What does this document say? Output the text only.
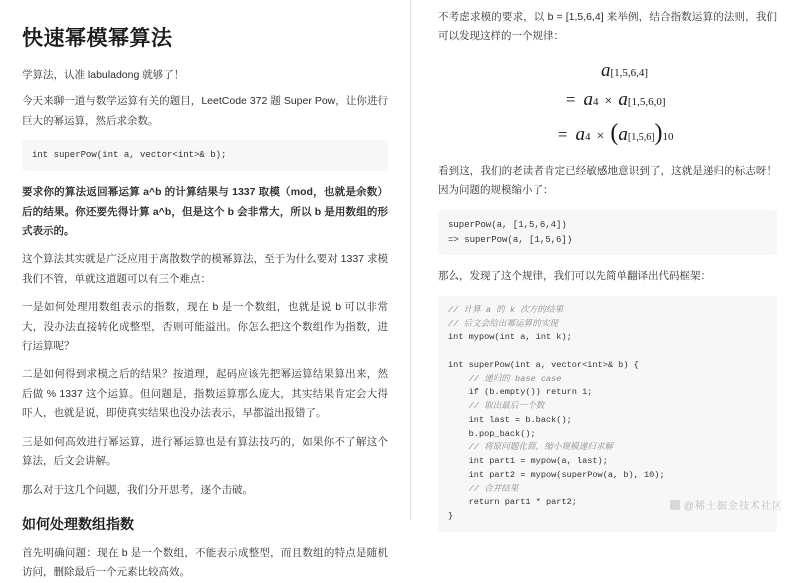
快速幂模幂算法

学算法，认准 labuladong 就够了！

今天来聊一道与数学运算有关的题目，LeetCode 372 题 Super Pow，让你进行巨大的幂运算，然后求余数。

int superPow(int a, vector<int>& b);

要求你的算法返回幂运算 a^b 的计算结果与 1337 取模（mod，也就是余数）后的结果。你还要先得计算 a^b，但是这个 b 会非常大，所以 b 是用数组的形式表示的。

这个算法其实就是广泛应用于离散数学的模幂算法，至于为什么要对 1337 求模我们不管，单就这道题可以有三个难点：

一是如何处理用数组表示的指数，现在 b 是一个数组，也就是说 b 可以非常大，没办法直接转化成整型，否则可能溢出。你怎么把这个数组作为指数，进行运算呢？

二是如何得到求模之后的结果？按道理，起码应该先把幂运算结果算出来，然后做 % 1337 这个运算。但问题是，指数运算那么庞大，其实结果肯定会大得吓人，也就是说，即使真实结果也没办法表示，早都溢出报错了。

三是如何高效进行幂运算，进行幂运算也是有算法技巧的，如果你不了解这个算法，后文会讲解。

那么对于这几个问题，我们分开思考，逐个击破。

如何处理数组指数

首先明确问题：现在 b 是一个数组，不能表示成整型，而且数组的特点是随机访问，删除最后一个元素比较高效。

不考虑求模的要求，以 b = [1,5,6,4] 来举例，结合指数运算的法则，我们可以发现这样的一个规律：

a [1,5,6,4]
= a 4 × a [1,5,6,0]
= a 4 × ( a [1,5,6] ) 10

看到这，我们的老读者肯定已经敏感地意识到了，这就是递归的标志呀！因为问题的规模缩小了：

superPow(a, [1,5,6,4])
=> superPow(a, [1,5,6])

那么，发现了这个规律，我们可以先简单翻译出代码框架：

// 计算 a 的 k 次方的结果
// 后文会给出幂运算的实现
int mypow(int a, int k);

int superPow(int a, vector<int>& b) {
// 递归的 base case
if (b.empty()) return 1;
// 取出最后一个数
int last = b.back();
b.pop_back();
// 将原问题化简，缩小规模递归求解
int part1 = mypow(a, last);
int part2 = mypow(superPow(a, b), 10);
// 合并结果
return part1 * part2;
}
@稀土掘金技术社区
